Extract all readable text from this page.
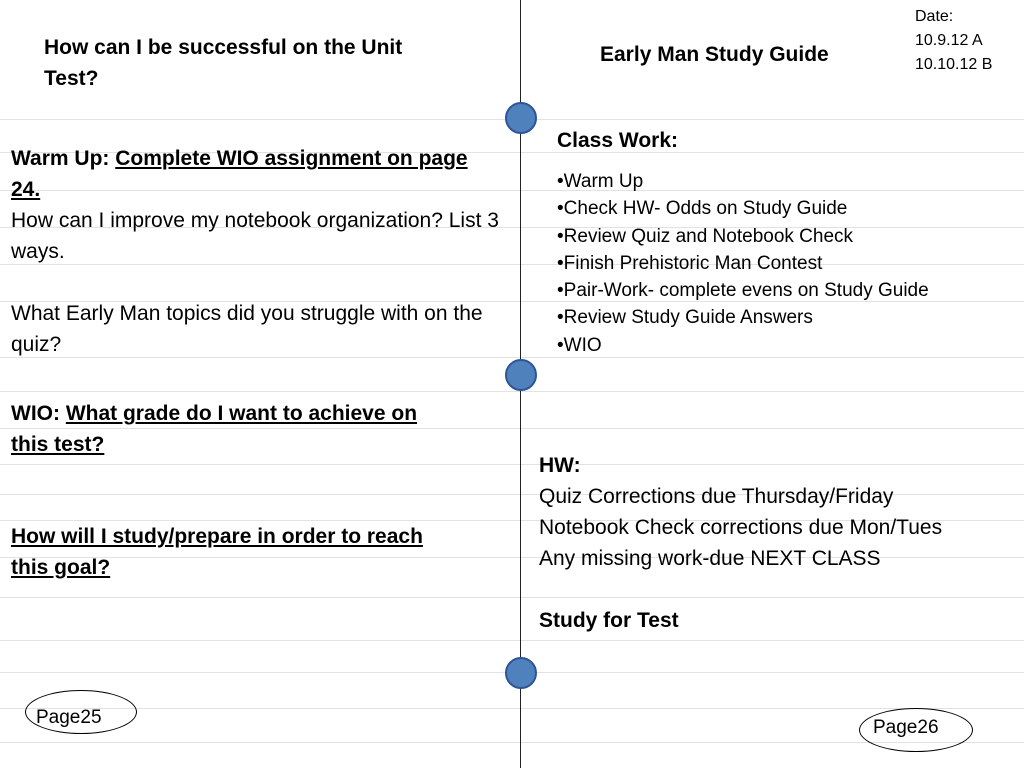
How can I be successful on the Unit Test?
Warm Up: Complete WIO assignment on page
24.
How can I improve my notebook organization? List 3 ways.

What Early Man topics did you struggle with on the quiz?
WIO: What grade do I want to achieve on
this test?
How will I study/prepare in order to reach
this goal?
Page25
Early Man Study Guide
Date:
10.9.12 A
10.10.12 B
Class Work:
• Warm Up
• Check HW- Odds on Study Guide
• Review Quiz and Notebook Check
• Finish Prehistoric Man Contest
• Pair-Work- complete evens on Study Guide
• Review Study Guide Answers
• WIO
HW:
Quiz Corrections due Thursday/Friday
Notebook Check corrections due Mon/Tues
Any missing work-due NEXT CLASS

Study for Test
Page26
